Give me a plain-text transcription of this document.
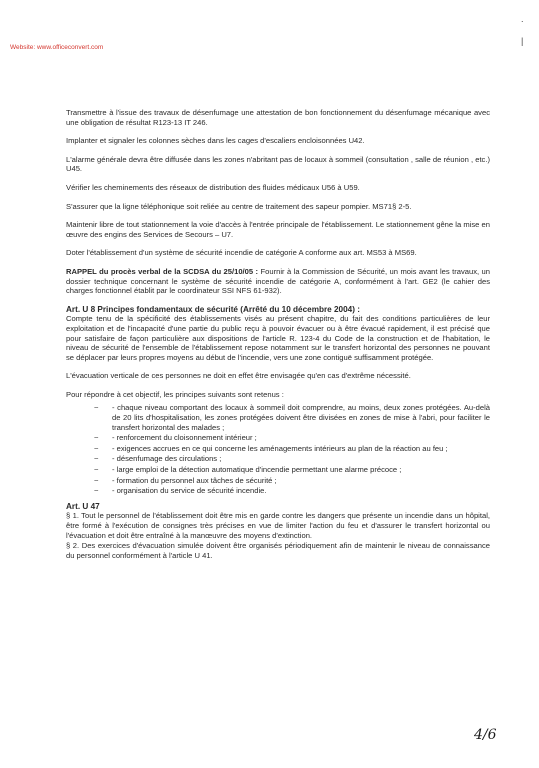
Website: www.officeconvert.com
.
|

Transmettre à l'issue des travaux de désenfumage une attestation de bon fonctionnement du désenfumage mécanique avec une obligation de résultat R123-13 IT 246.

Implanter et signaler les colonnes sèches dans les cages d'escaliers encloisonnées U42.

L'alarme générale devra être diffusée dans les zones n'abritant pas de locaux à sommeil (consultation , salle de réunion , etc.) U45.

Vérifier les cheminements des réseaux de distribution des fluides médicaux U56 à U59.

S'assurer que la ligne téléphonique soit reliée au centre de traitement des sapeur pompier. MS71§ 2-5.

Maintenir libre de tout stationnement la voie d'accès à l'entrée principale de l'établissement. Le stationnement gêne la mise en œuvre des engins des Services de Secours – U7.

Doter l'établissement d'un système de sécurité incendie de catégorie A conforme aux art. MS53 à MS69.

RAPPEL du procès verbal de la SCDSA du 25/10/05 : Fournir à la Commission de Sécurité, un mois avant les travaux, un dossier technique concernant le système de sécurité incendie de catégorie A, conformément à l'art. GE2 (le cahier des charges fonctionnel établit par le coordinateur SSI NFS 61-932).

Art. U 8 Principes fondamentaux de sécurité (Arrêté du 10 décembre 2004) :

Compte tenu de la spécificité des établissements visés au présent chapitre, du fait des conditions particulières de leur exploitation et de l'incapacité d'une partie du public reçu à pouvoir évacuer ou à être évacué rapidement, il est précisé que pour satisfaire de façon particulière aux dispositions de l'article R. 123-4 du Code de la construction et de l'habitation, le niveau de sécurité de l'ensemble de l'établissement repose notamment sur le transfert horizontal des personnes ne pouvant se déplacer par leurs propres moyens au début de l'incendie, vers une zone contiguë suffisamment protégée.

L'évacuation verticale de ces personnes ne doit en effet être envisagée qu'en cas d'extrême nécessité.

Pour répondre à cet objectif, les principes suivants sont retenus :

~ - chaque niveau comportant des locaux à sommeil doit comprendre, au moins, deux zones protégées. Au-delà de 20 lits d'hospitalisation, les zones protégées doivent être divisées en zones de mise à l'abri, pour faciliter le transfert horizontal des malades ;
~ - renforcement du cloisonnement intérieur ;
~ - exigences accrues en ce qui concerne les aménagements intérieurs au plan de la réaction au feu ;
~ - désenfumage des circulations ;
~ - large emploi de la détection automatique d'incendie permettant une alarme précoce ;
~ - formation du personnel aux tâches de sécurité ;
~ - organisation du service de sécurité incendie.
Art. U 47

§ 1. Tout le personnel de l'établissement doit être mis en garde contre les dangers que présente un incendie dans un hôpital, être formé à l'exécution de consignes très précises en vue de limiter l'action du feu et d'assurer le transfert horizontal ou l'évacuation et doit être entraîné à la manœuvre des moyens d'extinction.

§ 2. Des exercices d'évacuation simulée doivent être organisés périodiquement afin de maintenir le niveau de connaissance du personnel conformément à l'article U 41.

4/6
